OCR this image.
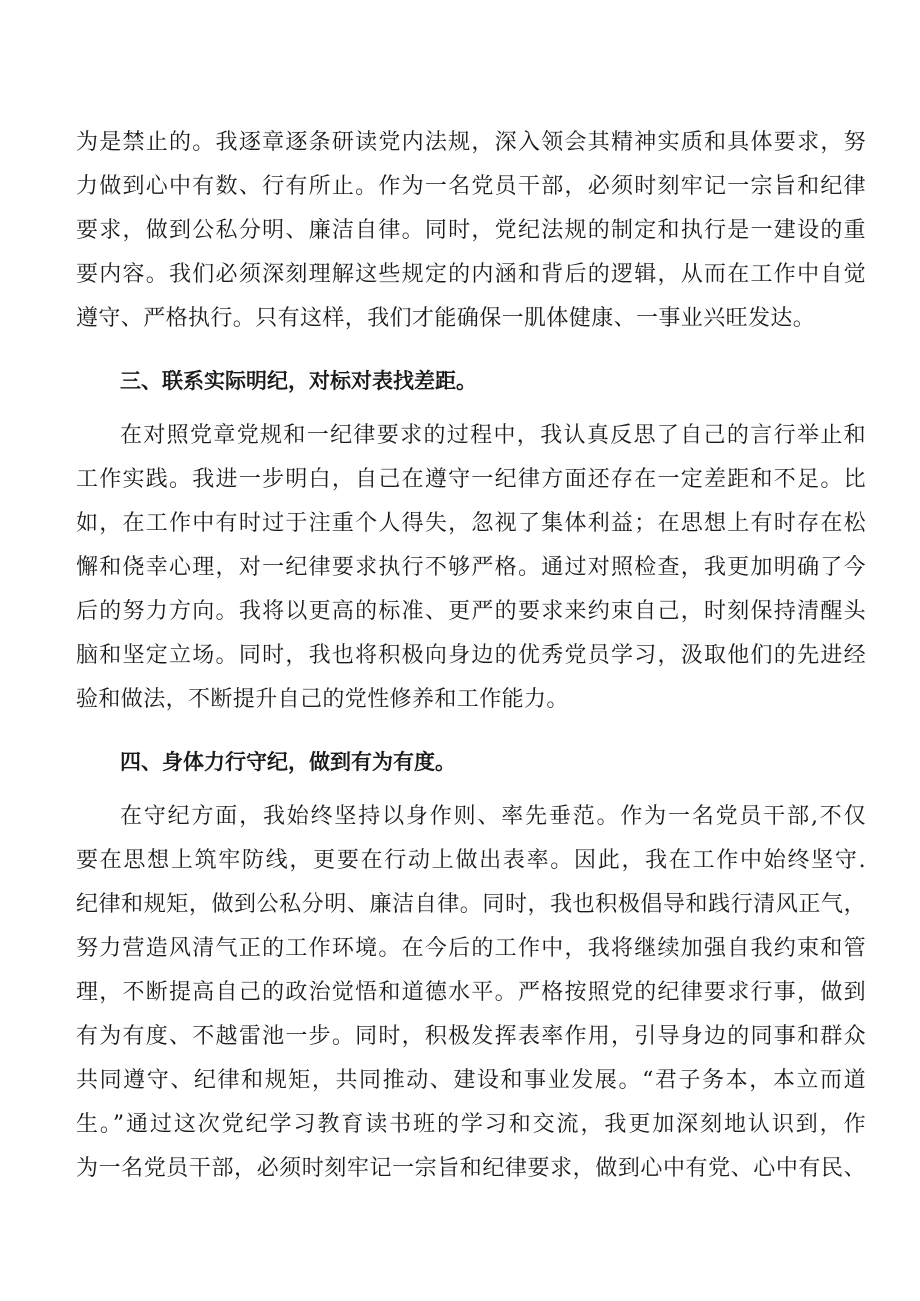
为是禁止的。我逐章逐条研读党内法规，深入领会其精神实质和具体要求，努
力做到心中有数、行有所止。作为一名党员干部，必须时刻牢记一宗旨和纪律
要求，做到公私分明、廉洁自律。同时，党纪法规的制定和执行是一建设的重
要内容。我们必须深刻理解这些规定的内涵和背后的逻辑，从而在工作中自觉
遵守、严格执行。只有这样，我们才能确保一肌体健康、一事业兴旺发达。
三、联系实际明纪，对标对表找差距。
在对照党章党规和一纪律要求的过程中，我认真反思了自己的言行举止和
工作实践。我进一步明白，自己在遵守一纪律方面还存在一定差距和不足。比
如，在工作中有时过于注重个人得失，忽视了集体利益；在思想上有时存在松
懈和侥幸心理，对一纪律要求执行不够严格。通过对照检查，我更加明确了今
后的努力方向。我将以更高的标准、更严的要求来约束自己，时刻保持清醒头
脑和坚定立场。同时，我也将积极向身边的优秀党员学习，汲取他们的先进经
验和做法，不断提升自己的党性修养和工作能力。
四、身体力行守纪，做到有为有度。
在守纪方面，我始终坚持以身作则、率先垂范。作为一名党员干部,不仅
要在思想上筑牢防线，更要在行动上做出表率。因此，我在工作中始终坚守.
纪律和规矩，做到公私分明、廉洁自律。同时，我也积极倡导和践行清风正气，
努力营造风清气正的工作环境。在今后的工作中，我将继续加强自我约束和管
理，不断提高自己的政治觉悟和道德水平。严格按照党的纪律要求行事，做到
有为有度、不越雷池一步。同时，积极发挥表率作用，引导身边的同事和群众
共同遵守、纪律和规矩，共同推动、建设和事业发展。“君子务本，本立而道
生。”通过这次党纪学习教育读书班的学习和交流，我更加深刻地认识到，作
为一名党员干部，必须时刻牢记一宗旨和纪律要求，做到心中有党、心中有民、
